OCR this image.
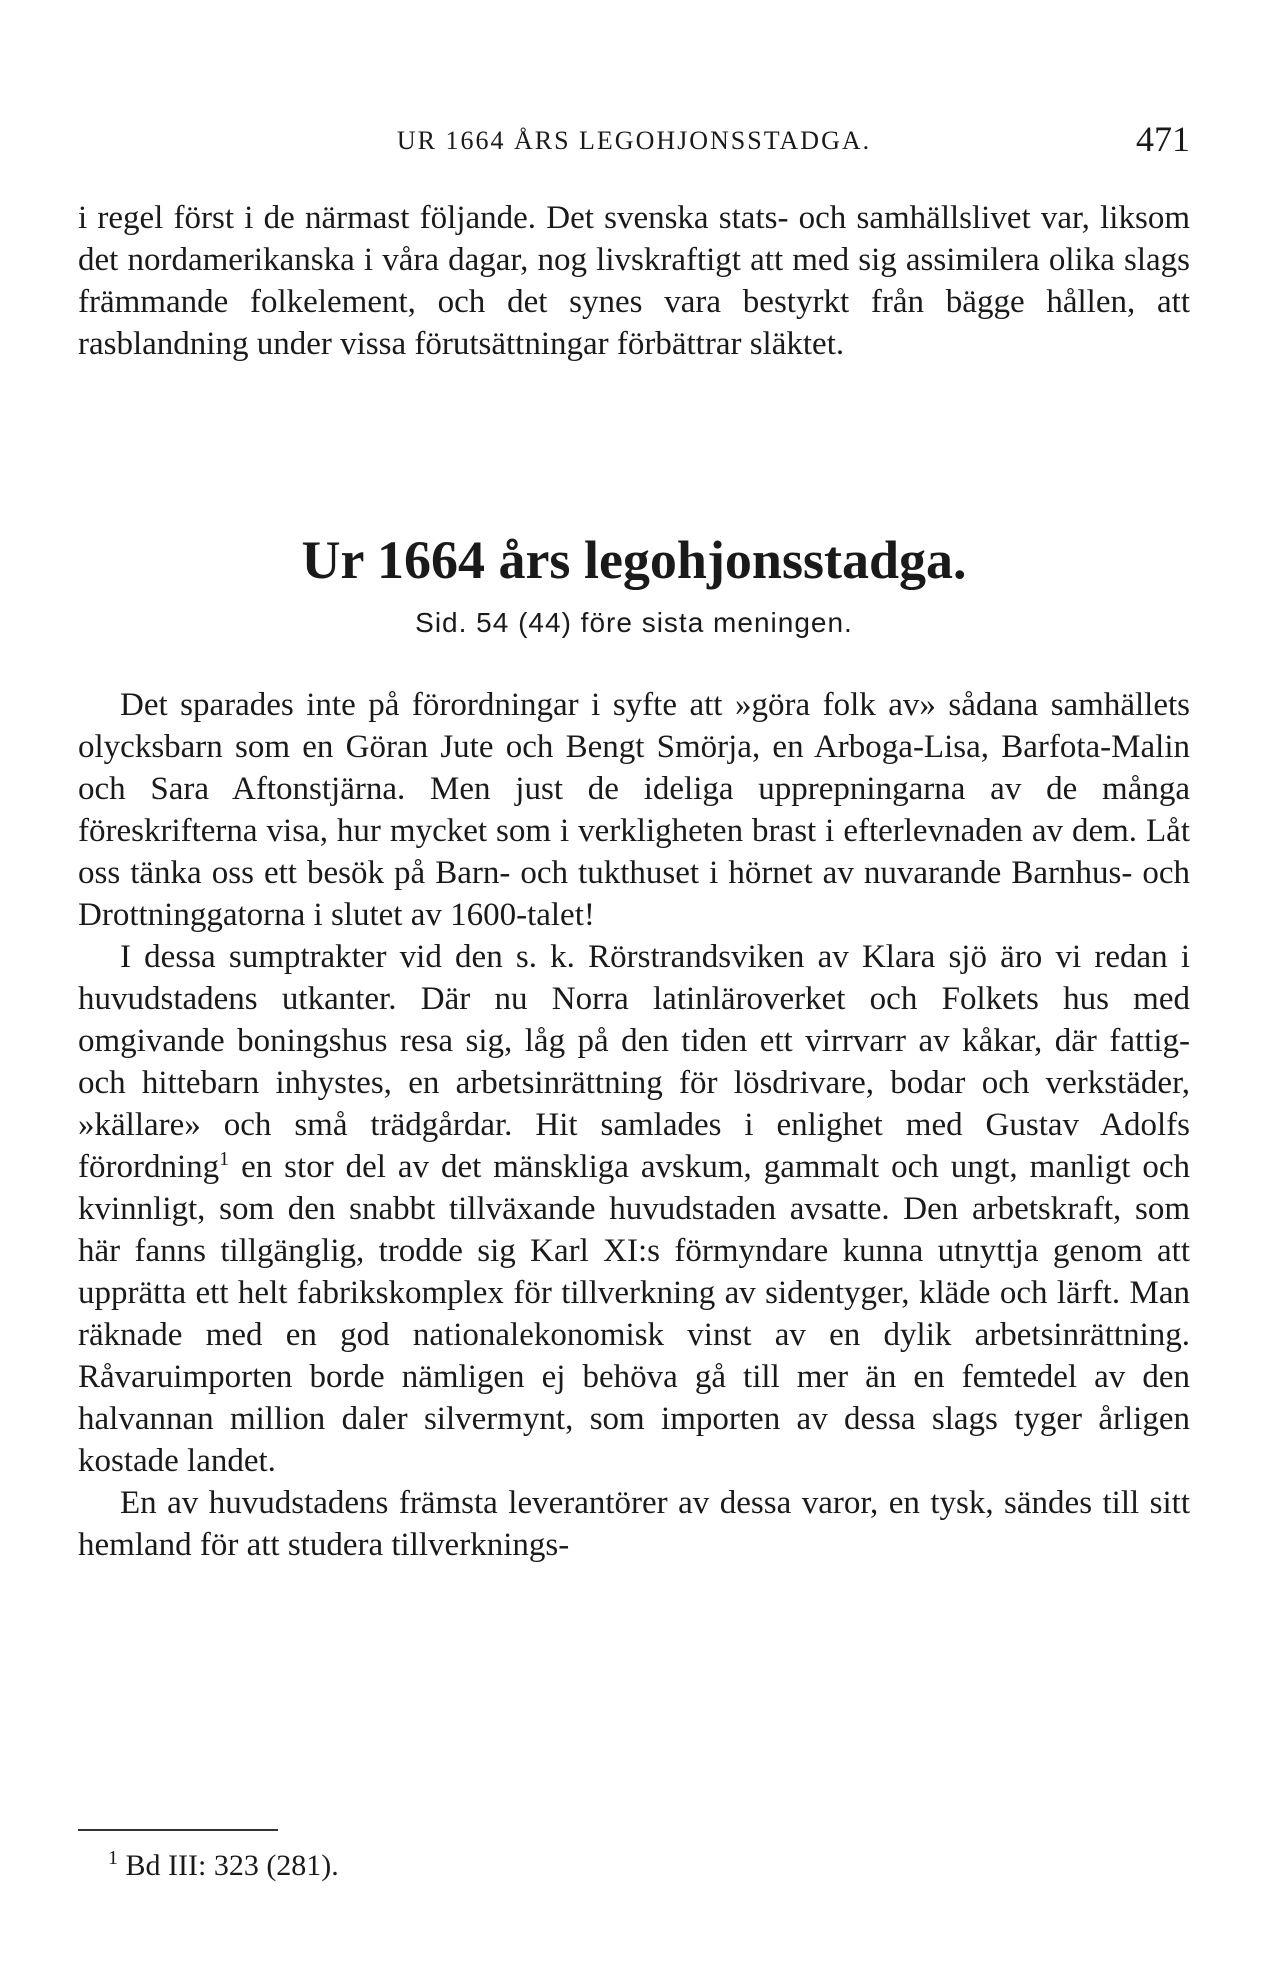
UR 1664 ÅRS LEGOHJONSSTADGA.	471

i regel först i de närmast följande. Det svenska stats- och samhällslivet var, liksom det nordamerikanska i våra dagar, nog livskraftigt att med sig assimilera olika slags främmande folkelement, och det synes vara bestyrkt från bägge hållen, att rasblandning under vissa förutsättningar förbättrar släktet.

Ur 1664 års legohjonsstadga.
Sid. 54 (44) före sista meningen.

Det sparades inte på förordningar i syfte att »göra folk av» sådana samhällets olycksbarn som en Göran Jute och Bengt Smörja, en Arboga-Lisa, Barfota-Malin och Sara Aftonstjärna. Men just de ideliga upprepningarna av de många föreskrifterna visa, hur mycket som i verkligheten brast i efterlevnaden av dem. Låt oss tänka oss ett besök på Barn- och tukthuset i hörnet av nuvarande Barnhus- och Drottninggatorna i slutet av 1600-talet!

I dessa sumptrakter vid den s. k. Rörstrandsviken av Klara sjö äro vi redan i huvudstadens utkanter. Där nu Norra latinläroverket och Folkets hus med omgivande boningshus resa sig, låg på den tiden ett virrvarr av kåkar, där fattig- och hittebarn inhystes, en arbetsinrättning för lösdrivare, bodar och verkstäder, »källare» och små trädgårdar. Hit samlades i enlighet med Gustav Adolfs förordning$^1$ en stor del av det mänskliga avskum, gammalt och ungt, manligt och kvinnligt, som den snabbt tillväxande huvudstaden avsatte. Den arbetskraft, som här fanns tillgänglig, trodde sig Karl XI:s förmyndare kunna utnyttja genom att upprätta ett helt fabrikskomplex för tillverkning av sidentyger, kläde och lärft. Man räknade med en god nationalekonomisk vinst av en dylik arbetsinrättning. Råvaruimporten borde nämligen ej behöva gå till mer än en femtedel av den halvannan million daler silvermynt, som importen av dessa slags tyger årligen kostade landet.

En av huvudstadens främsta leverantörer av dessa varor, en tysk, sändes till sitt hemland för att studera tillverknings-

$^1$ Bd III: 323 (281).
